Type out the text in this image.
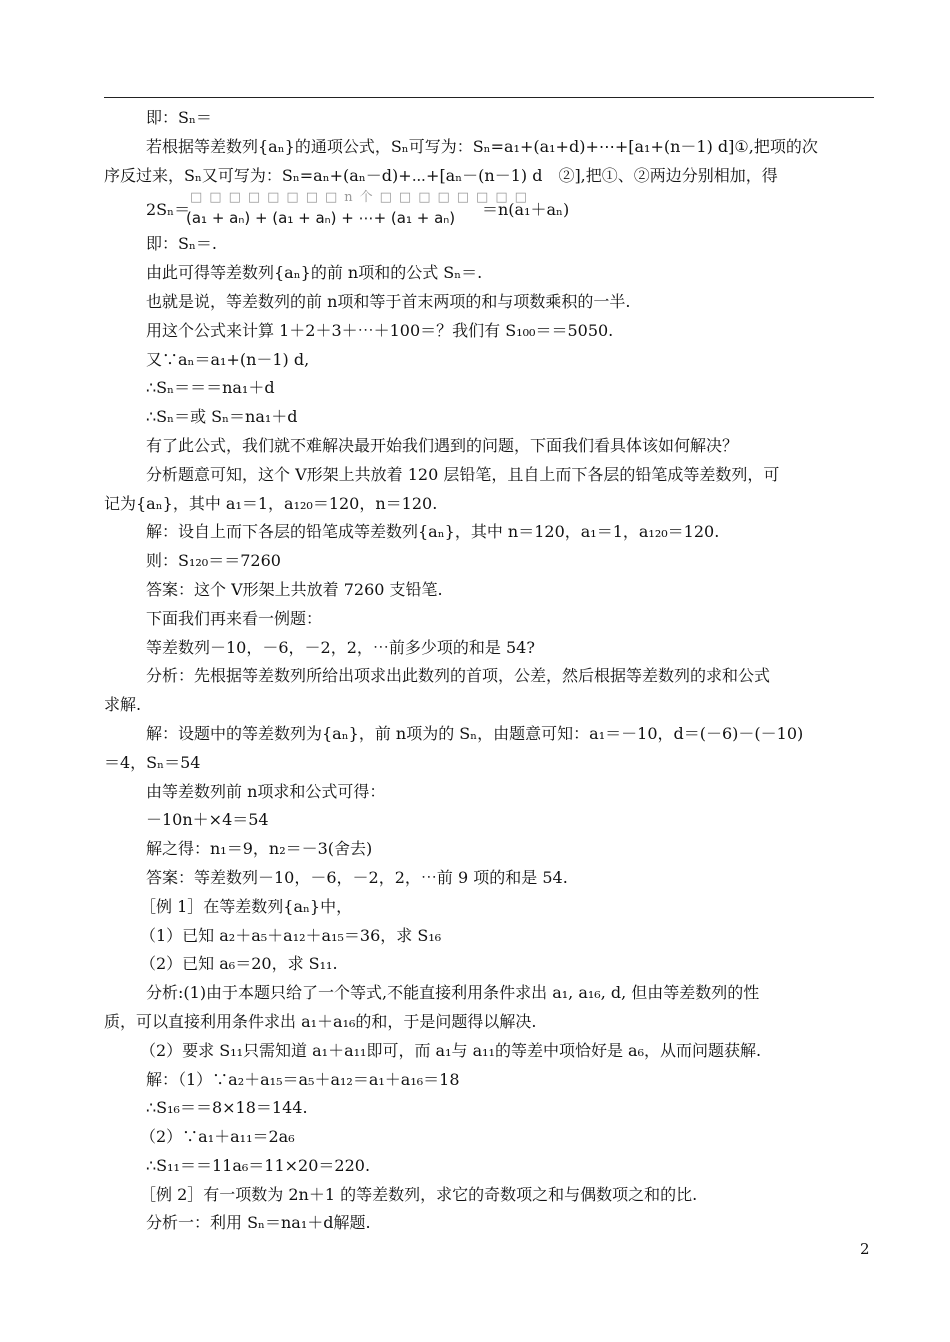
即：Sₙ＝
若根据等差数列{aₙ}的通项公式，Sₙ可写为：Sₙ=a₁+(a₁+d)+⋯+[a₁+(n－1) d]①,把项的次
序反过来，Sₙ又可写为：Sₙ=aₙ+(aₙ－d)+⋯+[aₙ－(n－1) d　②],把①、②两边分别相加，得
2Sₙ＝
□□□□□□□□n个□□□□□□□□
(a₁ + aₙ) + (a₁ + aₙ) + ⋯+ (a₁ + aₙ) ＝n(a₁＋aₙ)
即：Sₙ＝.
由此可得等差数列{aₙ}的前 n项和的公式 Sₙ＝.
也就是说，等差数列的前 n项和等于首末两项的和与项数乘积的一半.
用这个公式来计算 1＋2＋3＋⋯＋100＝？我们有 S₁₀₀＝＝5050.
又∵aₙ＝a₁+(n－1) d,
∴Sₙ＝＝＝na₁＋d
∴Sₙ＝或 Sₙ＝na₁＋d
有了此公式，我们就不难解决最开始我们遇到的问题，下面我们看具体该如何解决？
分析题意可知，这个 V形架上共放着 120 层铅笔，且自上而下各层的铅笔成等差数列，可
记为{aₙ}，其中 a₁＝1，a₁₂₀＝120，n＝120.
解：设自上而下各层的铅笔成等差数列{aₙ}，其中 n＝120，a₁＝1，a₁₂₀＝120.
则：S₁₂₀＝＝7260
答案：这个 V形架上共放着 7260 支铅笔.
下面我们再来看一例题：
等差数列－10，－6，－2，2，⋯前多少项的和是 54?
分析：先根据等差数列所给出项求出此数列的首项，公差，然后根据等差数列的求和公式
求解.
解：设题中的等差数列为{aₙ}，前 n项为的 Sₙ，由题意可知：a₁＝－10，d＝(－6)－(－10)
＝4，Sₙ＝54
由等差数列前 n项求和公式可得：
－10n＋×4＝54
解之得：n₁＝9，n₂＝－3(舍去)
答案：等差数列－10，－6，－2，2，⋯前 9 项的和是 54.
［例 1］在等差数列{aₙ}中，
（1）已知 a₂＋a₅＋a₁₂＋a₁₅＝36，求 S₁₆
（2）已知 a₆＝20，求 S₁₁.
分析:(1)由于本题只给了一个等式,不能直接利用条件求出 a₁, a₁₆, d, 但由等差数列的性
质，可以直接利用条件求出 a₁＋a₁₆的和，于是问题得以解决.
（2）要求 S₁₁只需知道 a₁＋a₁₁即可，而 a₁与 a₁₁的等差中项恰好是 a₆，从而问题获解.
解：（1）∵a₂＋a₁₅＝a₅＋a₁₂＝a₁＋a₁₆＝18
∴S₁₆＝＝8×18＝144.
（2）∵a₁＋a₁₁＝2a₆
∴S₁₁＝＝11a₆＝11×20＝220.
［例 2］有一项数为 2n＋1 的等差数列，求它的奇数项之和与偶数项之和的比.
分析一：利用 Sₙ＝na₁＋d解题.
2
